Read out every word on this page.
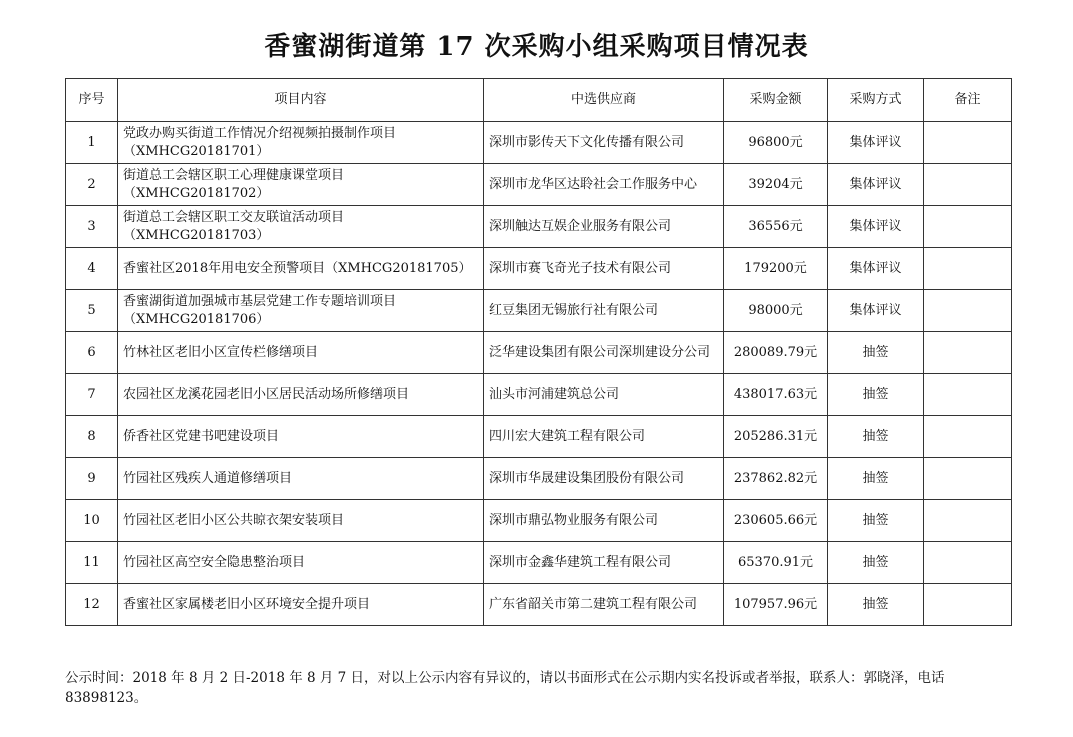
香蜜湖街道第 17 次采购小组采购项目情况表
序号	项目内容	中选供应商	采购金额	采购方式	备注
1	党政办购买街道工作情况介绍视频拍摄制作项目（XMHCG20181701）	深圳市影传天下文化传播有限公司	96800元	集体评议	
2	街道总工会辖区职工心理健康课堂项目（XMHCG20181702）	深圳市龙华区达聆社会工作服务中心	39204元	集体评议	
3	街道总工会辖区职工交友联谊活动项目（XMHCG20181703）	深圳触达互娱企业服务有限公司	36556元	集体评议	
4	香蜜社区2018年用电安全预警项目（XMHCG20181705）	深圳市赛飞奇光子技术有限公司	179200元	集体评议	
5	香蜜湖街道加强城市基层党建工作专题培训项目（XMHCG20181706）	红豆集团无锡旅行社有限公司	98000元	集体评议	
6	竹林社区老旧小区宣传栏修缮项目	泛华建设集团有限公司深圳建设分公司	280089.79元	抽签	
7	农园社区龙溪花园老旧小区居民活动场所修缮项目	汕头市河浦建筑总公司	438017.63元	抽签	
8	侨香社区党建书吧建设项目	四川宏大建筑工程有限公司	205286.31元	抽签	
9	竹园社区残疾人通道修缮项目	深圳市华晟建设集团股份有限公司	237862.82元	抽签	
10	竹园社区老旧小区公共晾衣架安装项目	深圳市鼎弘物业服务有限公司	230605.66元	抽签	
11	竹园社区高空安全隐患整治项目	深圳市金鑫华建筑工程有限公司	65370.91元	抽签	
12	香蜜社区家属楼老旧小区环境安全提升项目	广东省韶关市第二建筑工程有限公司	107957.96元	抽签	
公示时间：2018 年 8 月 2 日-2018 年 8 月 7 日，对以上公示内容有异议的，请以书面形式在公示期内实名投诉或者举报，联系人：郭晓泽，电话 83898123。
